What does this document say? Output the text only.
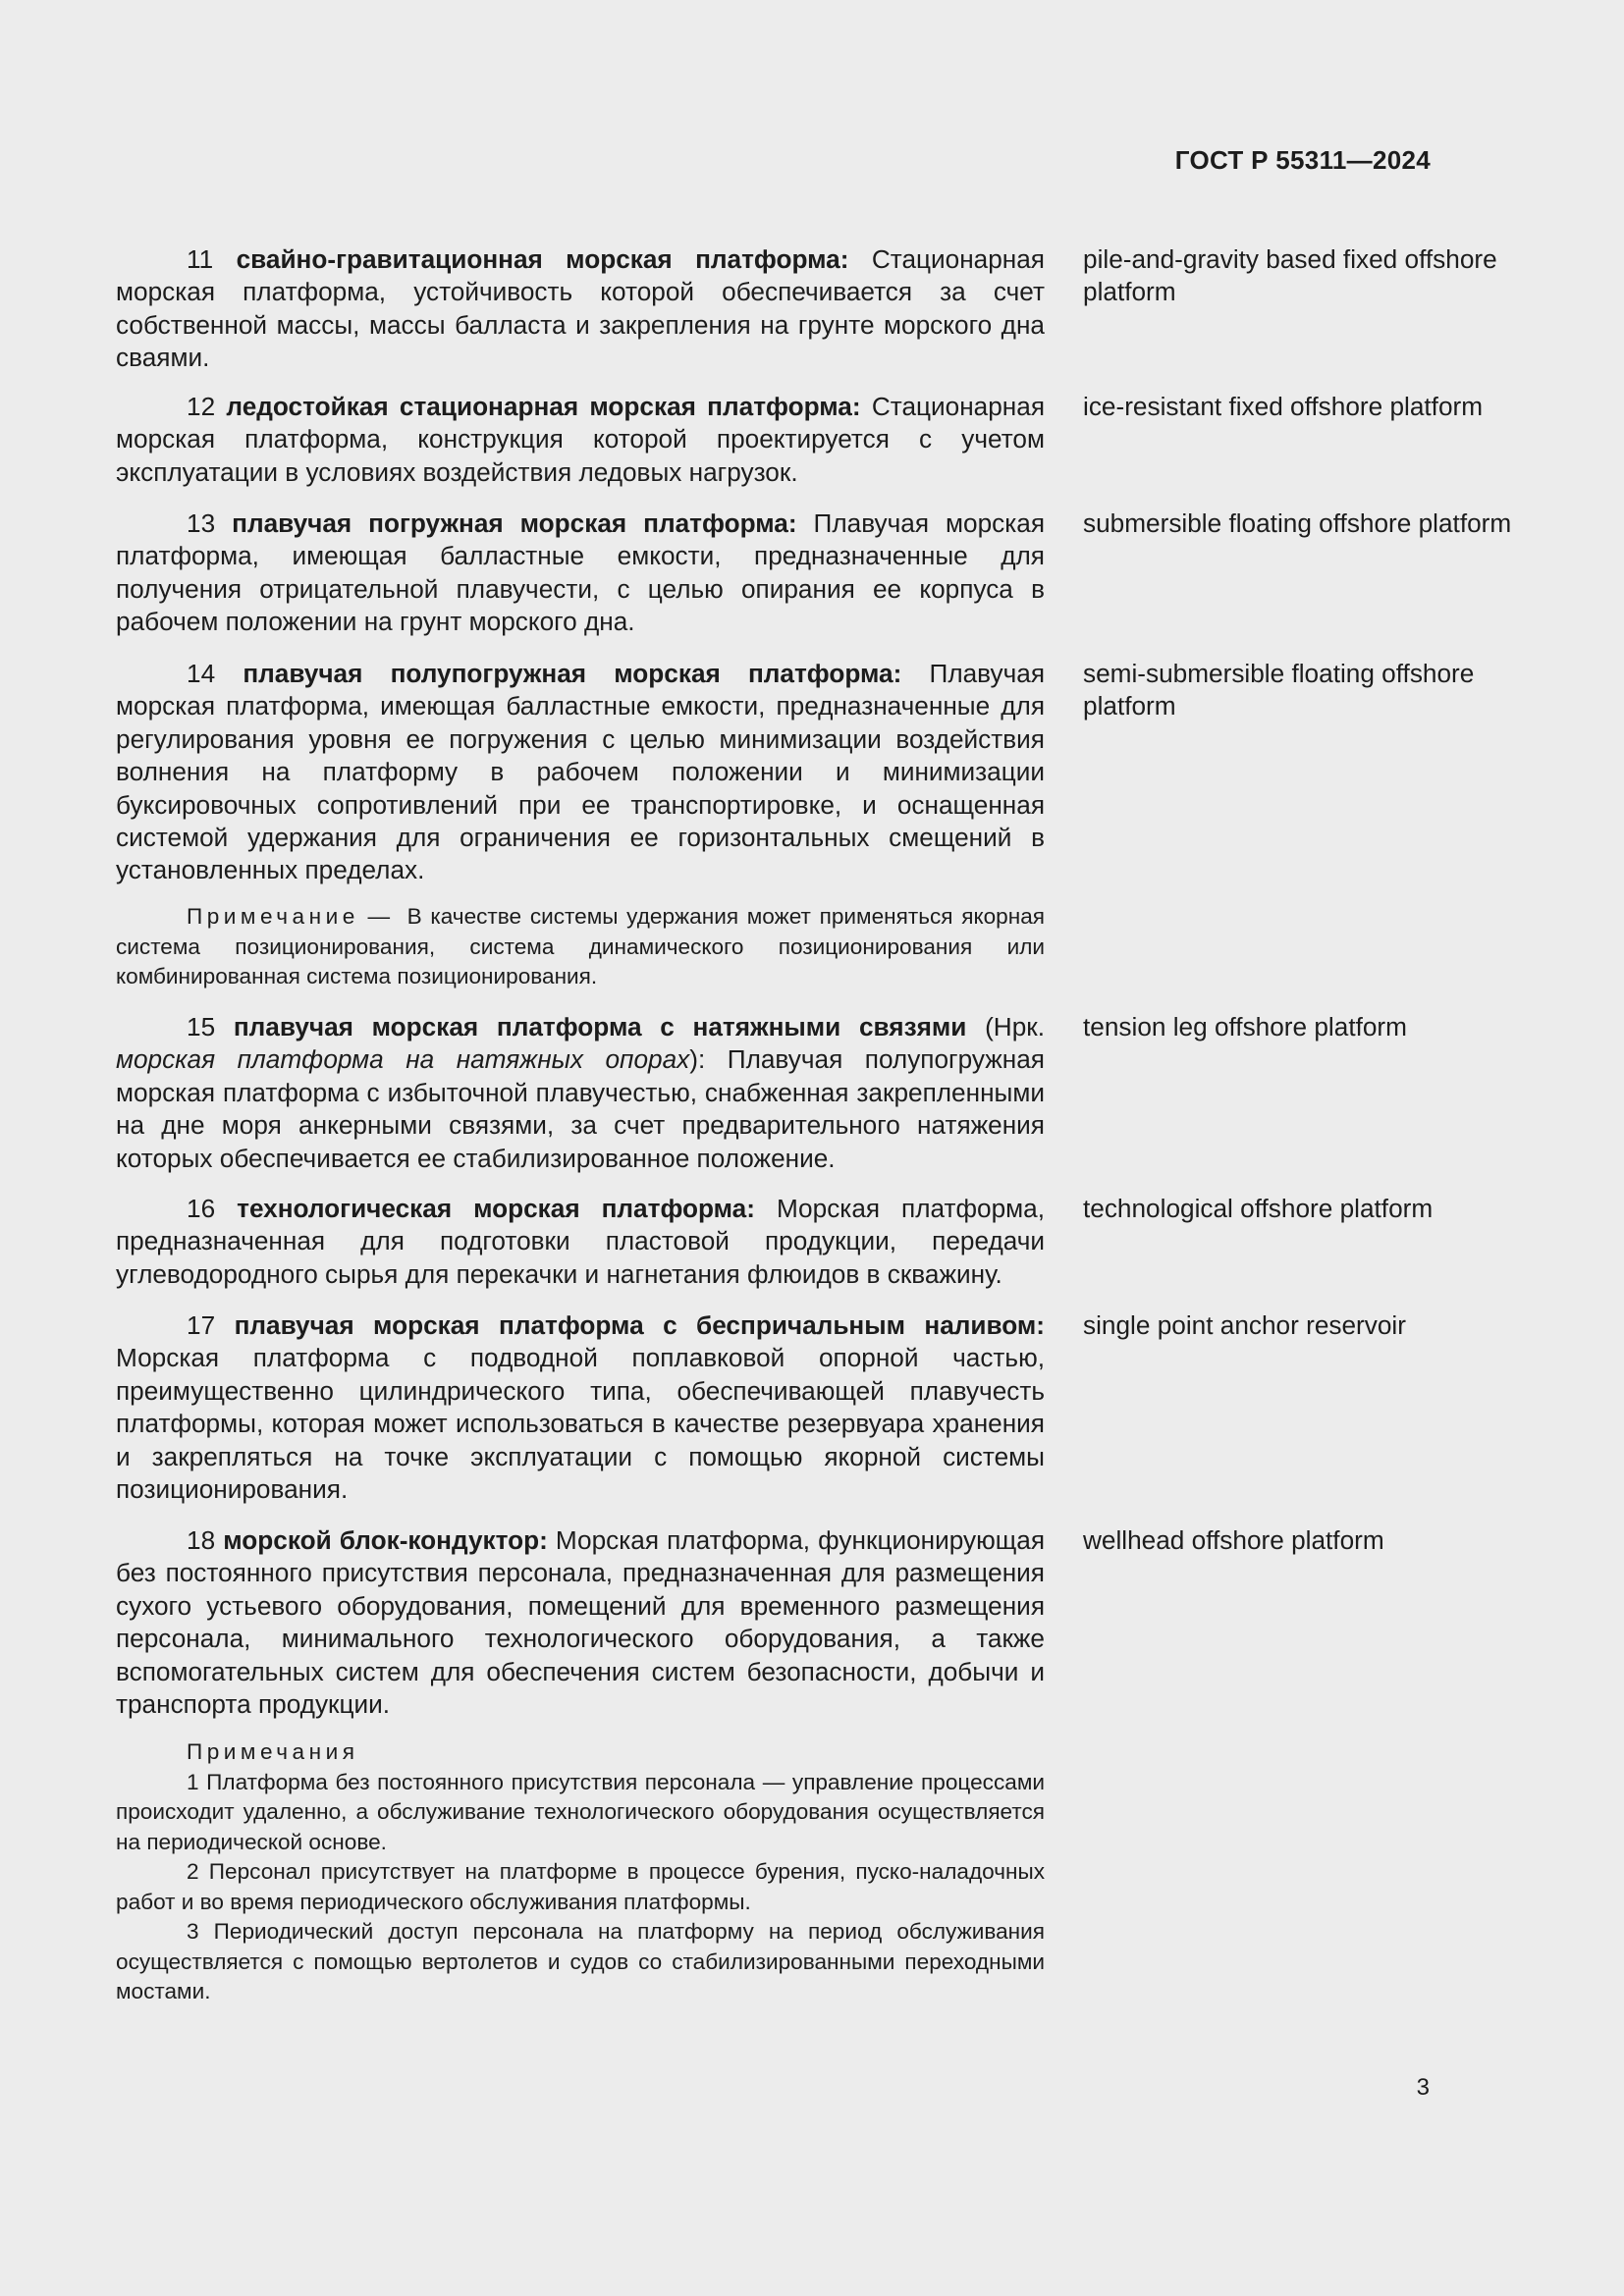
ГОСТ Р 55311—2024
11 свайно-гравитационная морская платформа: Стационарная морская платформа, устойчивость которой обеспечивается за счет собственной массы, массы балласта и закрепления на грунте морского дна сваями.
pile-and-gravity based fixed offshore platform
12 ледостойкая стационарная морская платформа: Стационарная морская платформа, конструкция которой проектируется с учетом эксплуатации в условиях воздействия ледовых нагрузок.
ice-resistant fixed offshore platform
13 плавучая погружная морская платформа: Плавучая морская платформа, имеющая балластные емкости, предназначенные для получения отрицательной плавучести, с целью опирания ее корпуса в рабочем положении на грунт морского дна.
submersible floating offshore platform
14 плавучая полупогружная морская платформа: Плавучая морская платформа, имеющая балластные емкости, предназначенные для регулирования уровня ее погружения с целью минимизации воздействия волнения на платформу в рабочем положении и минимизации буксировочных сопротивлений при ее транспортировке, и оснащенная системой удержания для ограничения ее горизонтальных смещений в установленных пределах.
semi-submersible floating offshore platform
Примечание — В качестве системы удержания может применяться якорная система позиционирования, система динамического позиционирования или комбинированная система позиционирования.
15 плавучая морская платформа с натяжными связями (Нрк. морская платформа на натяжных опорах): Плавучая полупогружная морская платформа с избыточной плавучестью, снабженная закрепленными на дне моря анкерными связями, за счет предварительного натяжения которых обеспечивается ее стабилизированное положение.
tension leg offshore platform
16 технологическая морская платформа: Морская платформа, предназначенная для подготовки пластовой продукции, передачи углеводородного сырья для перекачки и нагнетания флюидов в скважину.
technological offshore platform
17 плавучая морская платформа с беспричальным наливом: Морская платформа с подводной поплавковой опорной частью, преимущественно цилиндрического типа, обеспечивающей плавучесть платформы, которая может использоваться в качестве резервуара хранения и закрепляться на точке эксплуатации с помощью якорной системы позиционирования.
single point anchor reservoir
18 морской блок-кондуктор: Морская платформа, функционирующая без постоянного присутствия персонала, предназначенная для размещения сухого устьевого оборудования, помещений для временного размещения персонала, минимального технологического оборудования, а также вспомогательных систем для обеспечения систем безопасности, добычи и транспорта продукции.
wellhead offshore platform
Примечания
1 Платформа без постоянного присутствия персонала — управление процессами происходит удаленно, а обслуживание технологического оборудования осуществляется на периодической основе.
2 Персонал присутствует на платформе в процессе бурения, пуско-наладочных работ и во время периодического обслуживания платформы.
3 Периодический доступ персонала на платформу на период обслуживания осуществляется с помощью вертолетов и судов со стабилизированными переходными мостами.
3
